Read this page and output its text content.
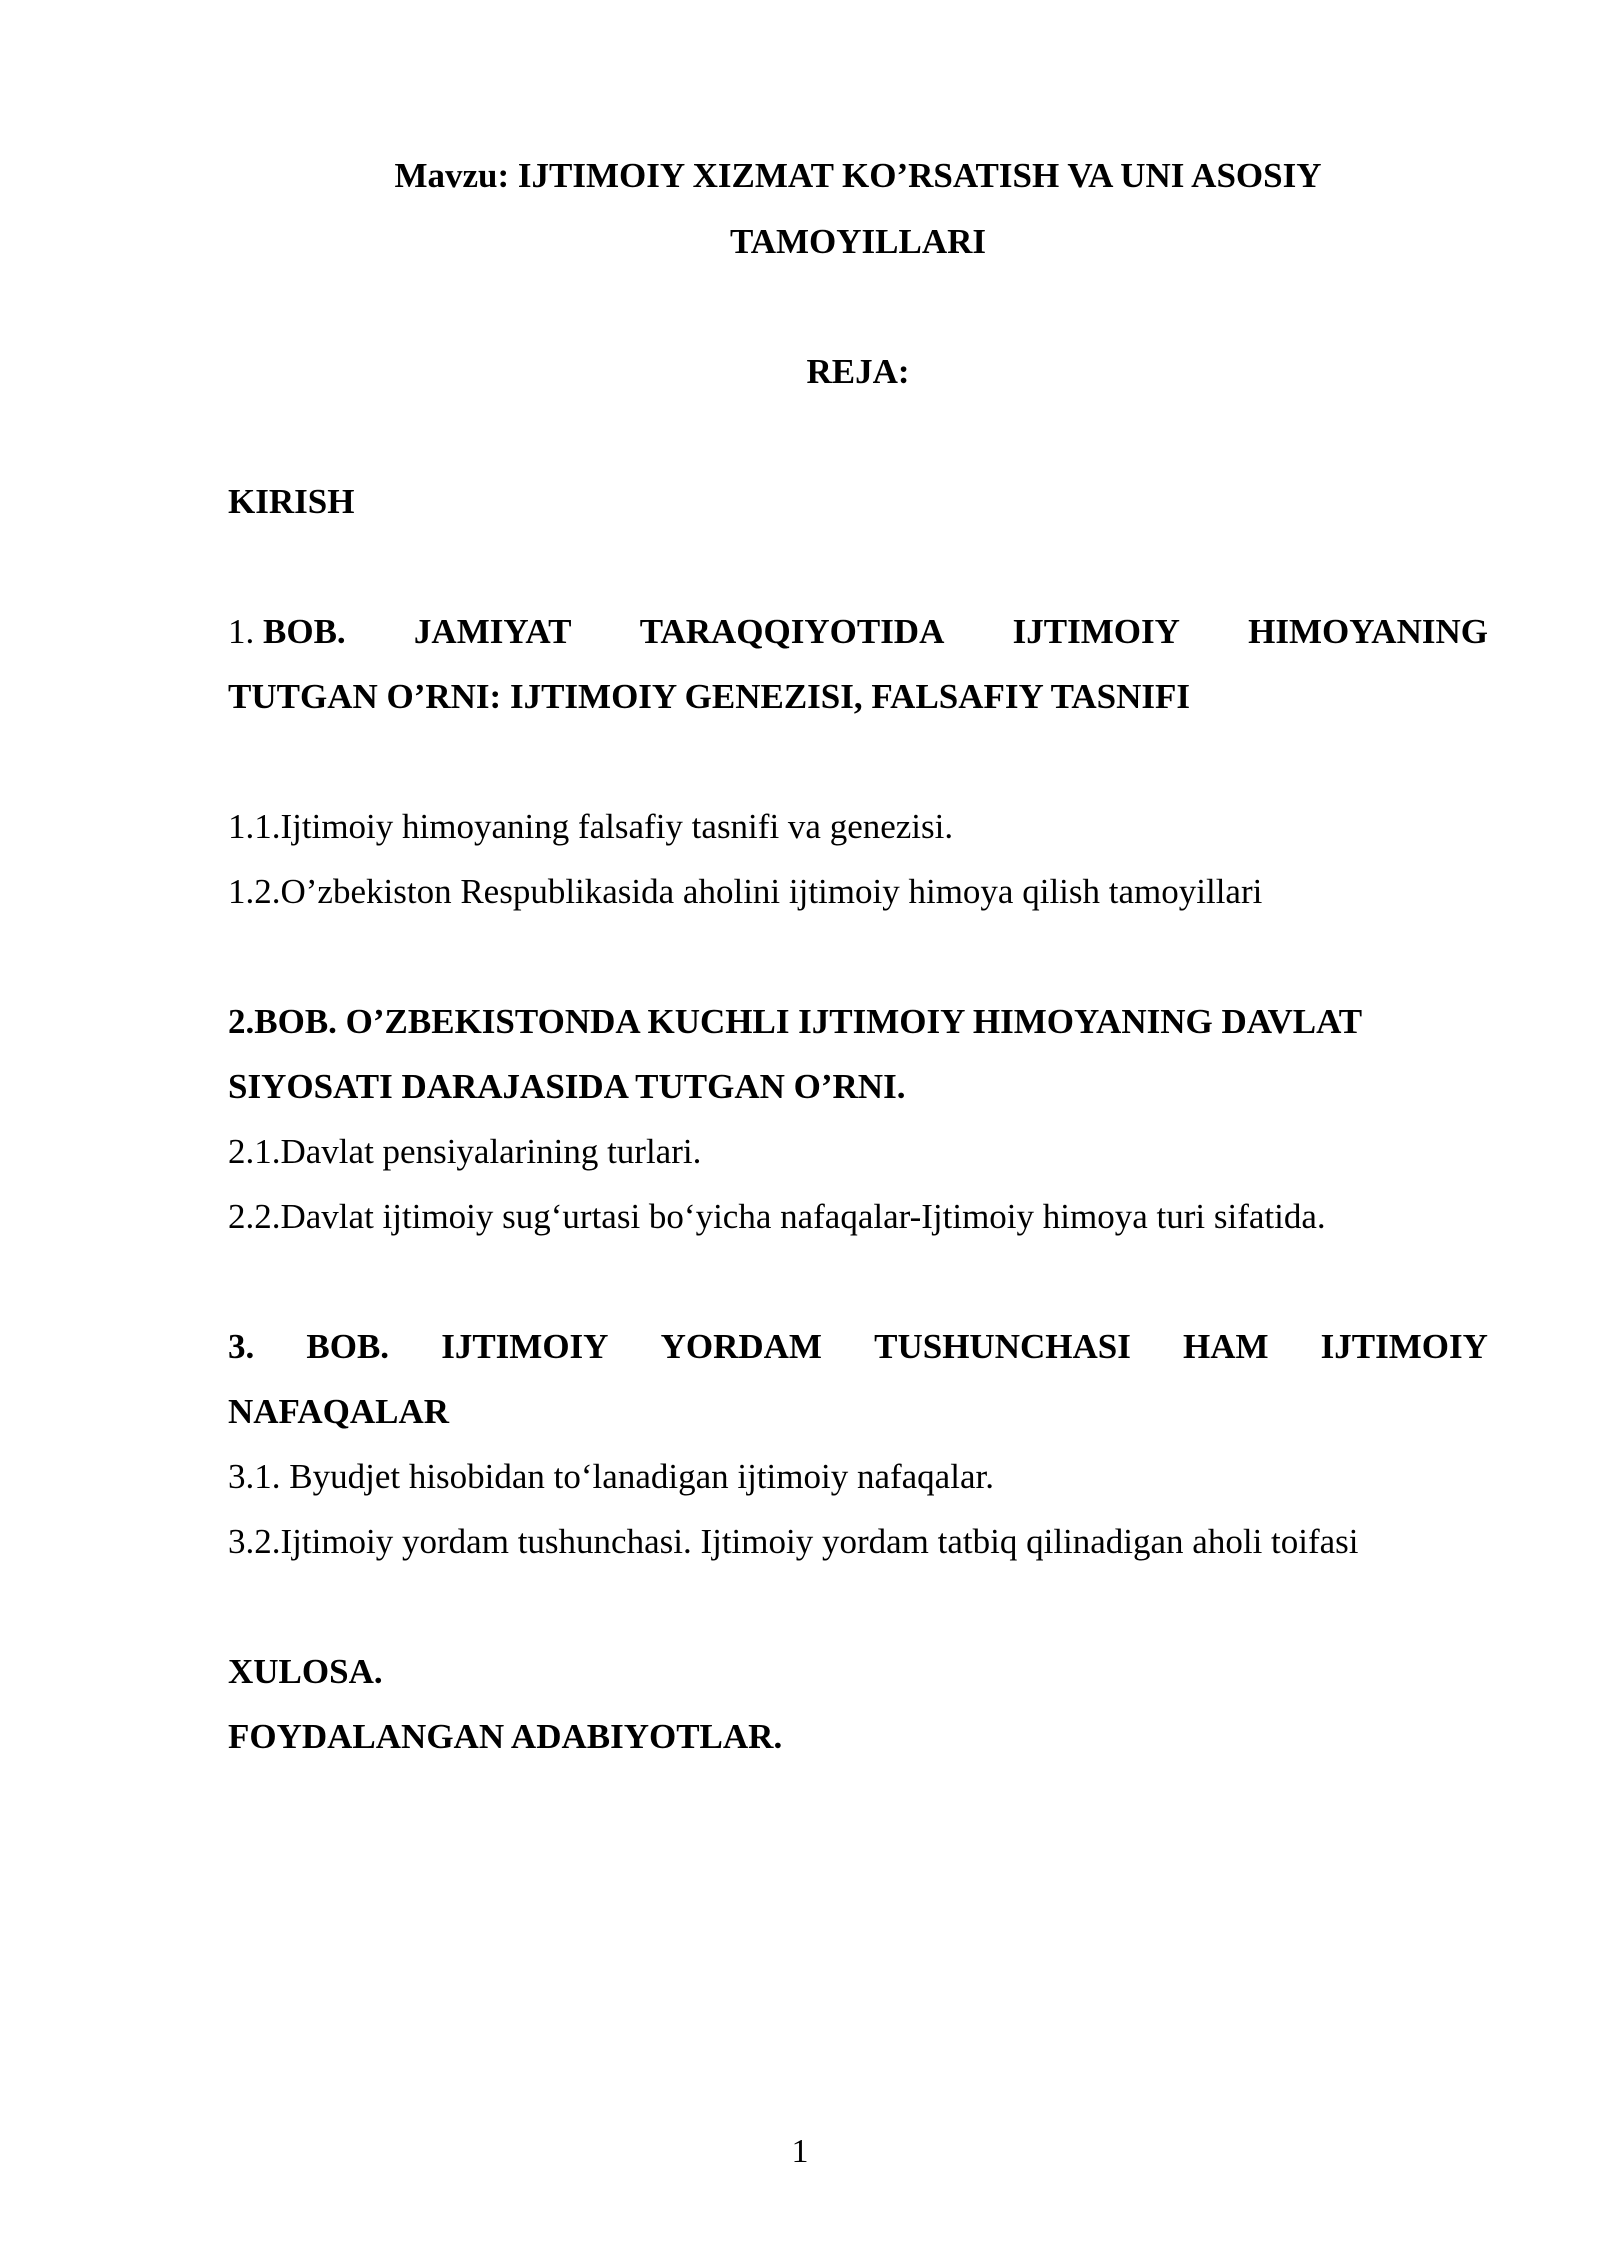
Mavzu: IJTIMOIY XIZMAT KO’RSATISH VA UNI ASOSIY
TAMOYILLARI
REJA:
KIRISH
1. BOB. JAMIYAT TARAQQIYOTIDA IJTIMOIY HIMOYANING
TUTGAN O’RNI: IJTIMOIY GENEZISI, FALSAFIY TASNIFI
1.1.Ijtimoiy himoyaning falsafiy tasnifi va genezisi.
1.2.O’zbekiston Respublikasida aholini ijtimoiy himoya qilish tamoyillari
2.BOB. O’ZBEKISTONDA KUCHLI IJTIMOIY HIMOYANING DAVLAT
SIYOSATI DARAJASIDA TUTGAN O’RNI.
2.1.Davlat pensiyalarining turlari.
2.2.Davlat ijtimoiy sug‘urtasi bo‘yicha nafaqalar-Ijtimoiy himoya turi sifatida.
3. BOB. IJTIMOIY YORDAM TUSHUNCHASI HAM IJTIMOIY
NAFAQALAR
3.1. Byudjet hisobidan to‘lanadigan ijtimoiy nafaqalar.
3.2.Ijtimoiy yordam tushunchasi. Ijtimoiy yordam tatbiq qilinadigan aholi toifasi
XULOSA.
FOYDALANGAN ADABIYOTLAR.
1
